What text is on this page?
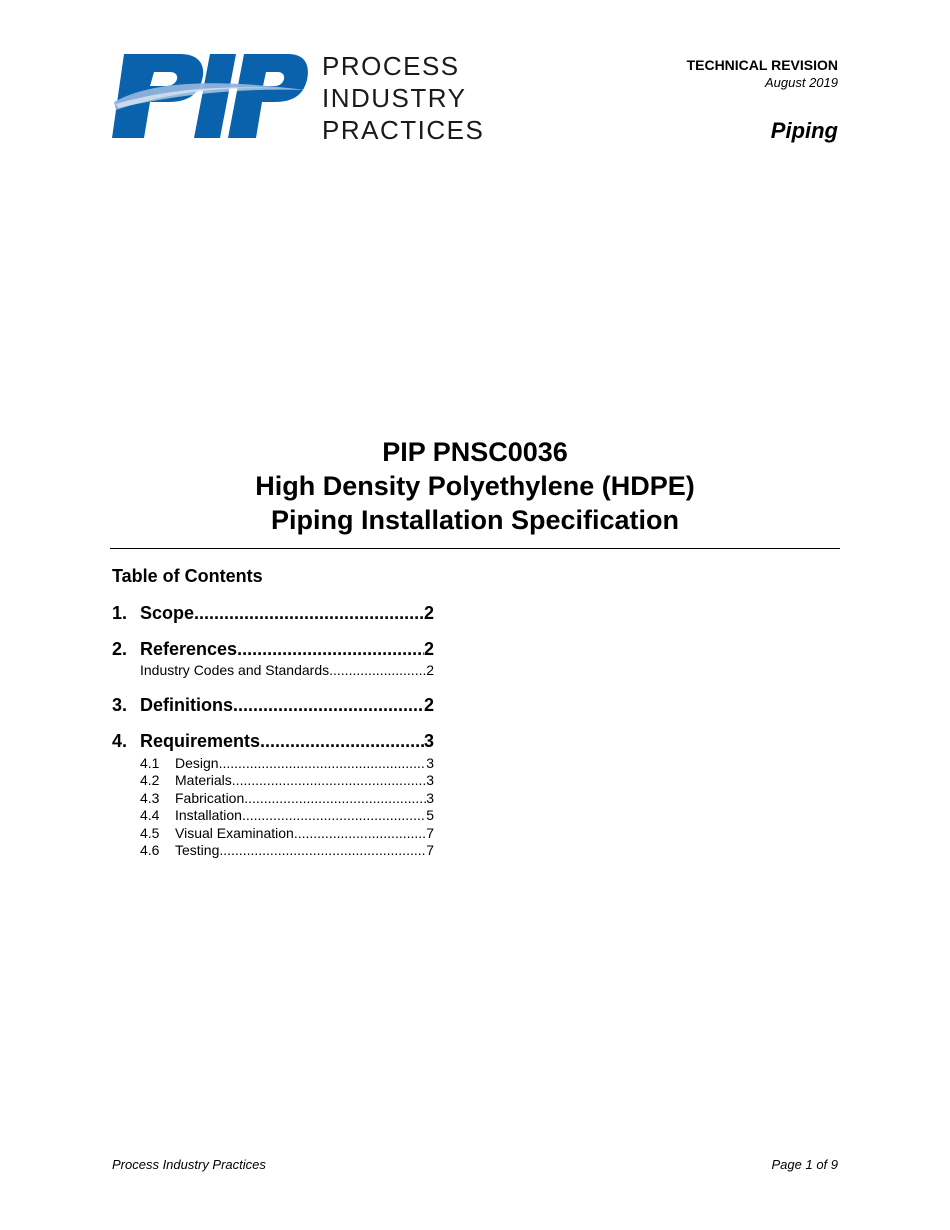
PROCESS
INDUSTRY
PRACTICES
TECHNICAL REVISION
August 2019
Piping
PIP PNSC0036
High Density Polyethylene (HDPE)
Piping Installation Specification
Table of Contents
1. Scope .....	2
2. References .....	2
Industry Codes and Standards .....	2
3. Definitions .....	2
4. Requirements .....	3
4.1	Design .....	3
4.2	Materials .....	3
4.3	Fabrication .....	3
4.4	Installation .....	5
4.5	Visual Examination .....	7
4.6	Testing .....	7
Process Industry Practices	Page 1 of 9
